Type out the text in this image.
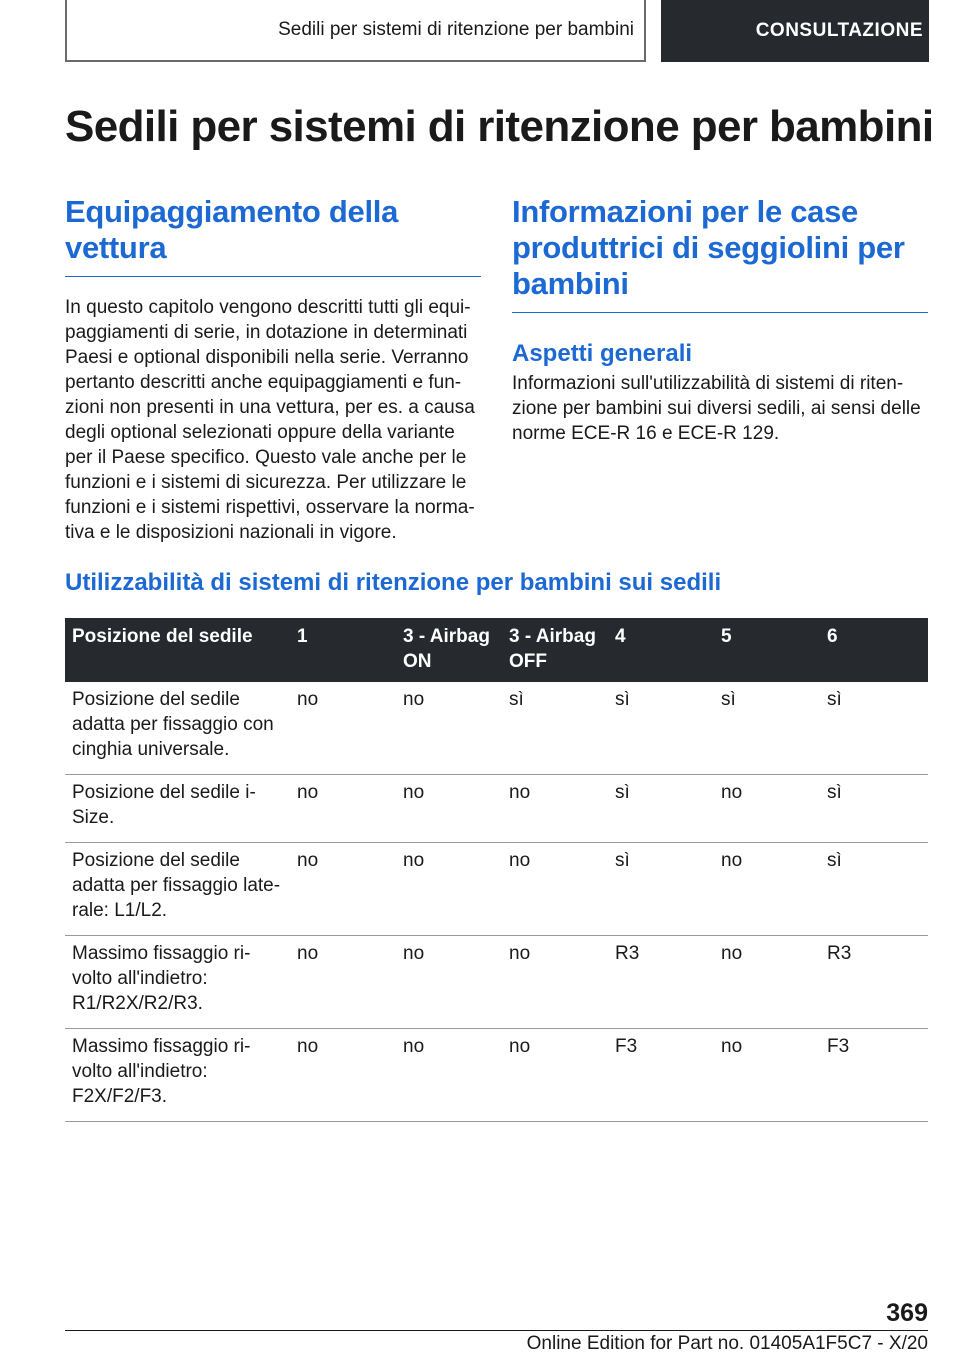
Sedili per sistemi di ritenzione per bambini	CONSULTAZIONE
Sedili per sistemi di ritenzione per bambini
Equipaggiamento della vettura

In questo capitolo vengono descritti tutti gli equipaggiamenti di serie, in dotazione in determinati Paesi e optional disponibili nella serie. Verranno pertanto descritti anche equipaggiamenti e funzioni non presenti in una vettura, per es. a causa degli optional selezionati oppure della variante per il Paese specifico. Questo vale anche per le funzioni e i sistemi di sicurezza. Per utilizzare le funzioni e i sistemi rispettivi, osservare la normativa e le disposizioni nazionali in vigore.

Informazioni per le case produttrici di seggiolini per bambini
Aspetti generali

Informazioni sull'utilizzabilità di sistemi di ritenzione per bambini sui diversi sedili, ai sensi delle norme ECE-R 16 e ECE-R 129.

Utilizzabilità di sistemi di ritenzione per bambini sui sedili
Posizione del sedile	1	3 - Airbag ON	3 - Airbag OFF	4	5	6
Posizione del sedile adatta per fissaggio con cinghia universale.	no	no	sì	sì	sì	sì
Posizione del sedile i-Size.	no	no	no	sì	no	sì
Posizione del sedile adatta per fissaggio laterale: L1/L2.	no	no	no	sì	no	sì
Massimo fissaggio rivolto all'indietro: R1/R2X/R2/R3.	no	no	no	R3	no	R3
Massimo fissaggio rivolto all'indietro: F2X/F2/F3.	no	no	no	F3	no	F3
369
Online Edition for Part no. 01405A1F5C7 - X/20
